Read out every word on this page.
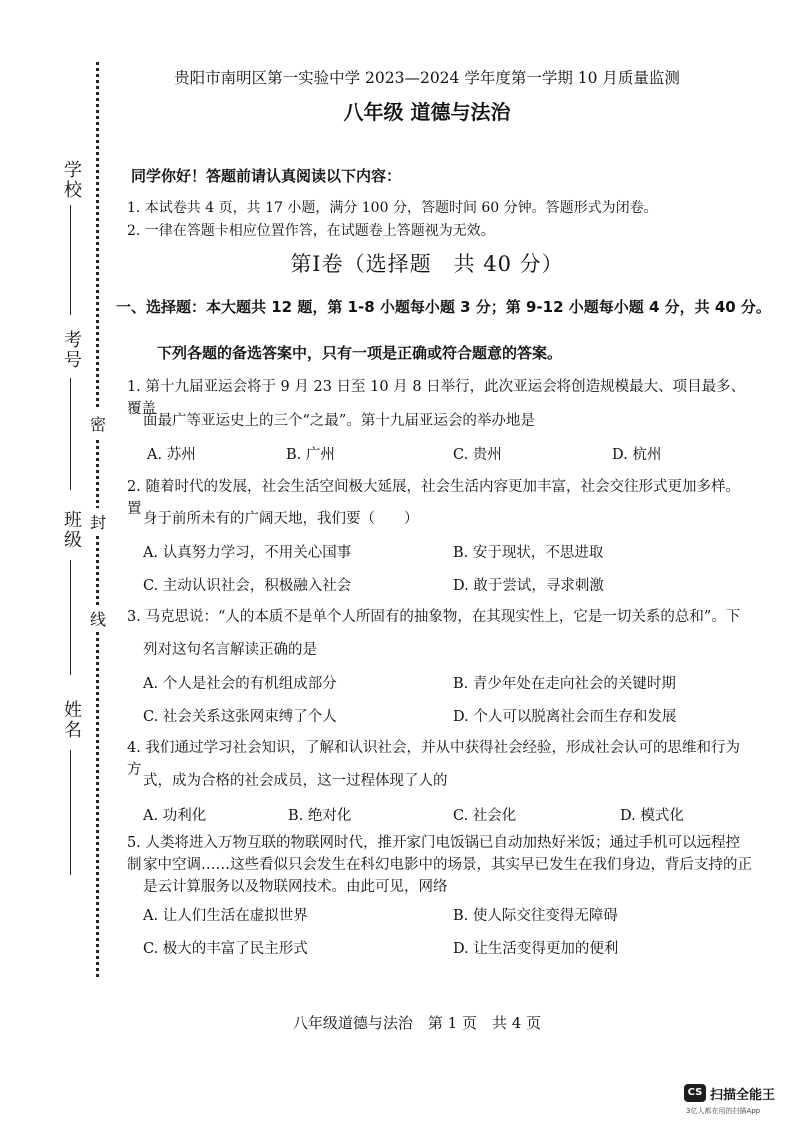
学校
考号
班级
姓名
密
封
线
贵阳市南明区第一实验中学 2023—2024 学年度第一学期 10 月质量监测
八年级 道德与法治
同学你好！答题前请认真阅读以下内容：
1. 本试卷共 4 页，共 17 小题，满分 100 分，答题时间 60 分钟。答题形式为闭卷。
2. 一律在答题卡相应位置作答，在试题卷上答题视为无效。
第Ⅰ卷（选择题　共 40 分）
一、选择题：本大题共 12 题，第 1-8 小题每小题 3 分；第 9-12 小题每小题 4 分，共 40 分。
下列各题的备选答案中，只有一项是正确或符合题意的答案。
1. 第十九届亚运会将于 9 月 23 日至 10 月 8 日举行，此次亚运会将创造规模最大、项目最多、覆盖
面最广等亚运史上的三个“之最”。第十九届亚运会的举办地是
A. 苏州	B. 广州	C. 贵州	D. 杭州
2. 随着时代的发展，社会生活空间极大延展，社会生活内容更加丰富，社会交往形式更加多样。置
身于前所未有的广阔天地，我们要（　　）
A. 认真努力学习，不用关心国事	B. 安于现状，不思进取
C. 主动认识社会，积极融入社会	D. 敢于尝试，寻求刺激
3. 马克思说：“人的本质不是单个人所固有的抽象物，在其现实性上，它是一切关系的总和”。下
列对这句名言解读正确的是
A. 个人是社会的有机组成部分	B. 青少年处在走向社会的关键时期
C. 社会关系这张网束缚了个人	D. 个人可以脱离社会而生存和发展
4. 我们通过学习社会知识，了解和认识社会，并从中获得社会经验，形成社会认可的思维和行为方
式，成为合格的社会成员，这一过程体现了人的
A. 功利化	B. 绝对化	C. 社会化	D. 模式化
5. 人类将进入万物互联的物联网时代，推开家门电饭锅已自动加热好米饭；通过手机可以远程控制 家中空调……这些看似只会发生在科幻电影中的场景，其实早已发生在我们身边，背后支持的正
是云计算服务以及物联网技术。由此可见，网络
A. 让人们生活在虚拟世界	B. 使人际交往变得无障碍
C. 极大的丰富了民主形式	D. 让生活变得更加的便利
八年级道德与法治　第 1 页　共 4 页
CS 扫描全能王
3亿人都在用的扫描App
